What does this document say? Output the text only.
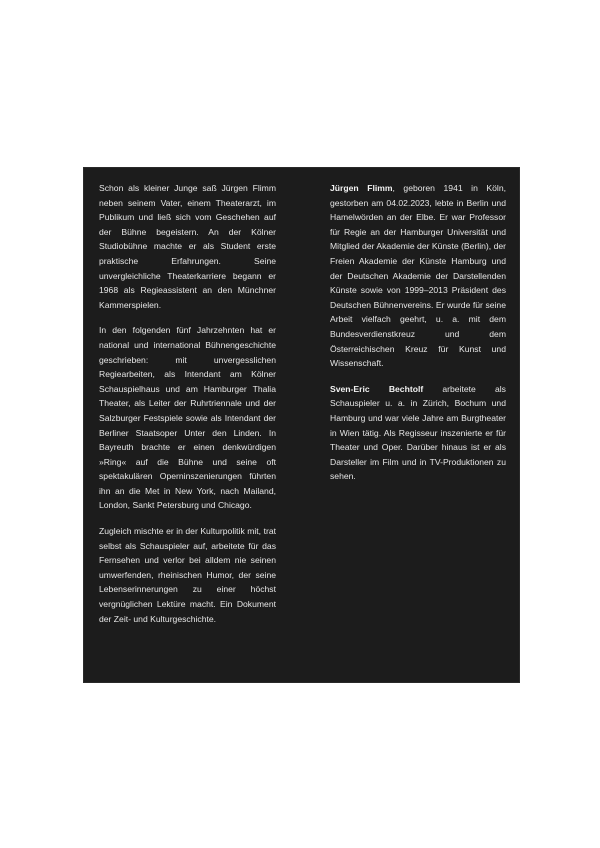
Schon als kleiner Junge saß Jürgen Flimm neben seinem Vater, einem Theaterarzt, im Publikum und ließ sich vom Geschehen auf der Bühne begeistern. An der Kölner Studiobühne machte er als Student erste praktische Erfahrungen. Seine unvergleichliche Theaterkarriere begann er 1968 als Regieassistent an den Münchner Kammerspielen.

In den folgenden fünf Jahrzehnten hat er national und international Bühnengeschichte geschrieben: mit unvergesslichen Regiearbeiten, als Intendant am Kölner Schauspielhaus und am Hamburger Thalia Theater, als Leiter der Ruhrtriennale und der Salzburger Festspiele sowie als Intendant der Berliner Staatsoper Unter den Linden. In Bayreuth brachte er einen denkwürdigen »Ring« auf die Bühne und seine oft spektakulären Operninszenierungen führten ihn an die Met in New York, nach Mailand, London, Sankt Petersburg und Chicago.

Zugleich mischte er in der Kulturpolitik mit, trat selbst als Schauspieler auf, arbeitete für das Fernsehen und verlor bei alldem nie seinen umwerfenden, rheinischen Humor, der seine Lebenserinnerungen zu einer höchst vergnüglichen Lektüre macht. Ein Dokument der Zeit- und Kulturgeschichte.

Jürgen Flimm, geboren 1941 in Köln, gestorben am 04.02.2023, lebte in Berlin und Hamelwörden an der Elbe. Er war Professor für Regie an der Hamburger Universität und Mitglied der Akademie der Künste (Berlin), der Freien Akademie der Künste Hamburg und der Deutschen Akademie der Darstellenden Künste sowie von 1999–2013 Präsident des Deutschen Bühnenvereins. Er wurde für seine Arbeit vielfach geehrt, u. a. mit dem Bundesverdienstkreuz und dem Österreichischen Kreuz für Kunst und Wissenschaft.

Sven-Eric Bechtolf arbeitete als Schauspieler u. a. in Zürich, Bochum und Hamburg und war viele Jahre am Burgtheater in Wien tätig. Als Regisseur inszenierte er für Theater und Oper. Darüber hinaus ist er als Darsteller im Film und in TV-Produktionen zu sehen.
